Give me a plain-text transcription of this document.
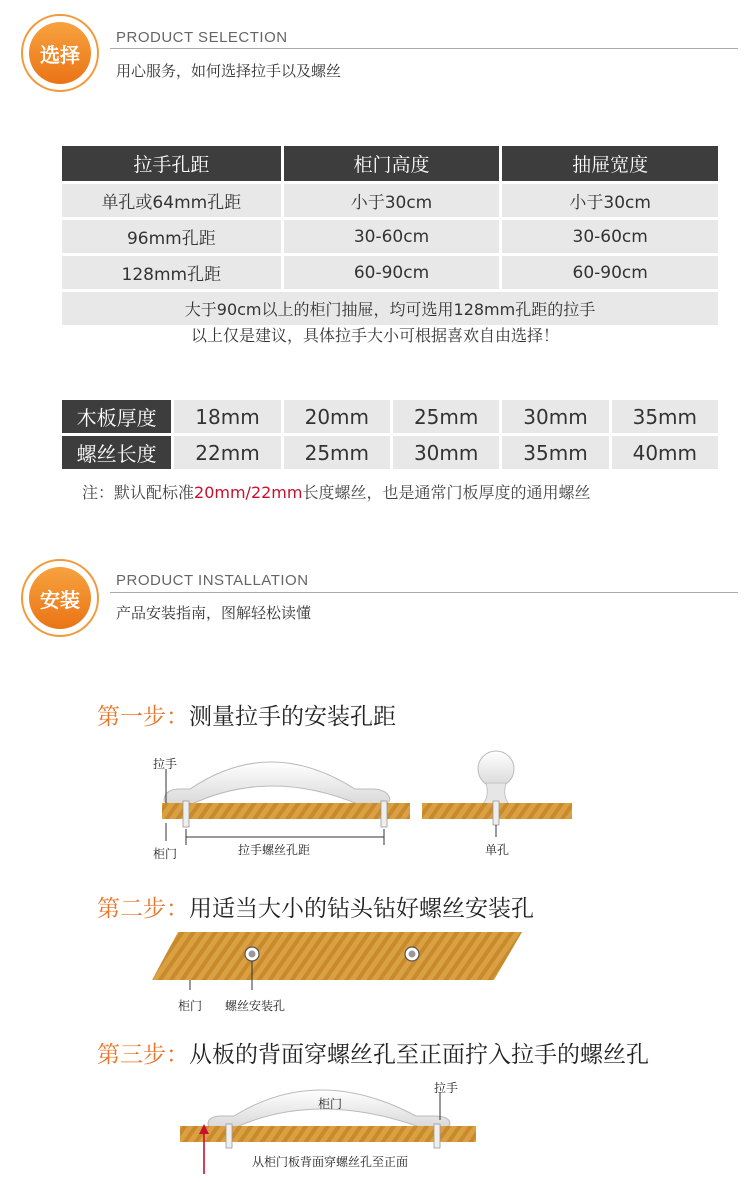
选择
PRODUCT SELECTION
用心服务，如何选择拉手以及螺丝
拉手孔距	柜门高度	抽屉宽度
单孔或64mm孔距	小于30cm	小于30cm
96mm孔距	30-60cm	30-60cm
128mm孔距	60-90cm	60-90cm
大于90cm以上的柜门抽屉，均可选用128mm孔距的拉手		
以上仅是建议，具体拉手大小可根据喜欢自由选择！
木板厚度	18mm	20mm	25mm	30mm	35mm
螺丝长度	22mm	25mm	30mm	35mm	40mm
注：默认配标准20mm/22mm长度螺丝，也是通常门板厚度的通用螺丝
安装
PRODUCT INSTALLATION
产品安装指南，图解轻松读懂
第一步：测量拉手的安装孔距
拉手
柜门	拉手螺丝孔距	单孔
第二步：用适当大小的钻头钻好螺丝安装孔
柜门 螺丝安装孔
第三步：从板的背面穿螺丝孔至正面拧入拉手的螺丝孔
拉手
柜门
从柜门板背面穿螺丝孔至正面
